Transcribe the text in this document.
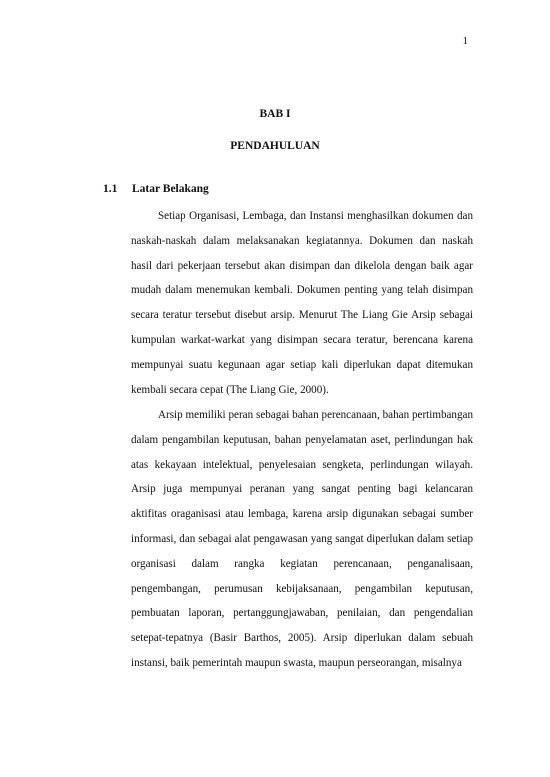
1
BAB I
PENDAHULUAN
1.1 Latar Belakang

Setiap Organisasi, Lembaga, dan Instansi menghasilkan dokumen dan naskah-naskah dalam melaksanakan kegiatannya. Dokumen dan naskah hasil dari pekerjaan tersebut akan disimpan dan dikelola dengan baik agar mudah dalam menemukan kembali. Dokumen penting yang telah disimpan secara teratur tersebut disebut arsip. Menurut The Liang Gie Arsip sebagai kumpulan warkat-warkat yang disimpan secara teratur, berencana karena mempunyai suatu kegunaan agar setiap kali diperlukan dapat ditemukan kembali secara cepat (The Liang Gie, 2000).

Arsip memiliki peran sebagai bahan perencanaan, bahan pertimbangan dalam pengambilan keputusan, bahan penyelamatan aset, perlindungan hak atas kekayaan intelektual, penyelesaian sengketa, perlindungan wilayah. Arsip juga mempunyai peranan yang sangat penting bagi kelancaran aktifitas oraganisasi atau lembaga, karena arsip digunakan sebagai sumber informasi, dan sebagai alat pengawasan yang sangat diperlukan dalam setiap organisasi dalam rangka kegiatan perencanaan, penganalisaan, pengembangan, perumusan kebijaksanaan, pengambilan keputusan, pembuatan laporan, pertanggungjawaban, penilaian, dan pengendalian setepat-tepatnya (Basir Barthos, 2005). Arsip diperlukan dalam sebuah instansi, baik pemerintah maupun swasta, maupun perseorangan, misalnya
